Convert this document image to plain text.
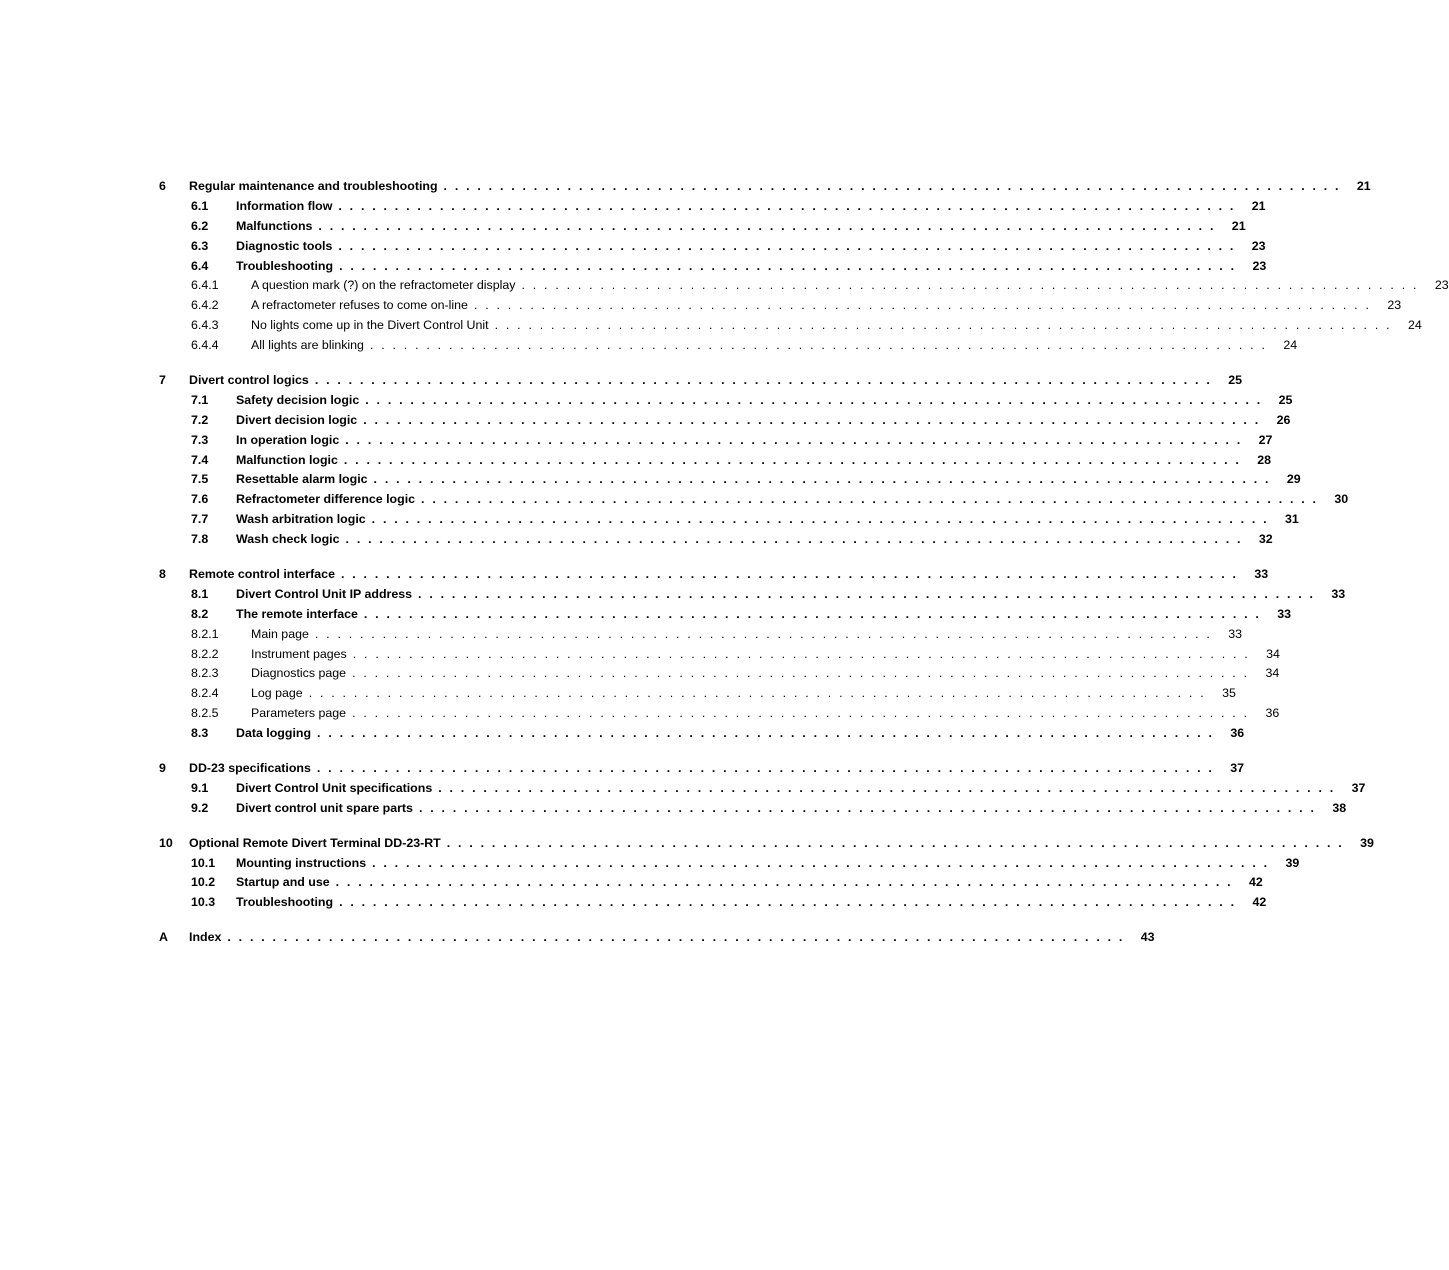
6	Regular maintenance and troubleshooting . . . . . . . . . . . . . . . . . . . . . . . . . . . . . . . . . . . . . . . . . . . . . . . . . . . . . . . . . . . . . . . . . . . . . . . . . . . . . . . . 21
6.1	Information flow . . . . . . . . . . . . . . . . . . . . . . . . . . . . . . . . . . . . . . . . . . . . . . . . . . . . . . . . . . . . . . . . . . . . . . . . . . . . . . . . 21
6.2	Malfunctions . . . . . . . . . . . . . . . . . . . . . . . . . . . . . . . . . . . . . . . . . . . . . . . . . . . . . . . . . . . . . . . . . . . . . . . . . . . . . . . . 21
6.3	Diagnostic tools . . . . . . . . . . . . . . . . . . . . . . . . . . . . . . . . . . . . . . . . . . . . . . . . . . . . . . . . . . . . . . . . . . . . . . . . . . . . . . . . 23
6.4	Troubleshooting . . . . . . . . . . . . . . . . . . . . . . . . . . . . . . . . . . . . . . . . . . . . . . . . . . . . . . . . . . . . . . . . . . . . . . . . . . . . . . . . 23
6.4.1	A question mark (?) on the refractometer display . . . . . . . . . . . . . . . . . . . . . . . . . . . . . . . . . . . . . . . . . . . . . . . . . . . . . . . . . . . . . . . . . . . . . . . . . . . . . . . . 23
6.4.2	A refractometer refuses to come on-line . . . . . . . . . . . . . . . . . . . . . . . . . . . . . . . . . . . . . . . . . . . . . . . . . . . . . . . . . . . . . . . . . . . . . . . . . . . . . . . . 23
6.4.3	No lights come up in the Divert Control Unit . . . . . . . . . . . . . . . . . . . . . . . . . . . . . . . . . . . . . . . . . . . . . . . . . . . . . . . . . . . . . . . . . . . . . . . . . . . . . . . . 24
6.4.4	All lights are blinking . . . . . . . . . . . . . . . . . . . . . . . . . . . . . . . . . . . . . . . . . . . . . . . . . . . . . . . . . . . . . . . . . . . . . . . . . . . . . . . . 24
7	Divert control logics . . . . . . . . . . . . . . . . . . . . . . . . . . . . . . . . . . . . . . . . . . . . . . . . . . . . . . . . . . . . . . . . . . . . . . . . . . . . . . . . 25
7.1	Safety decision logic . . . . . . . . . . . . . . . . . . . . . . . . . . . . . . . . . . . . . . . . . . . . . . . . . . . . . . . . . . . . . . . . . . . . . . . . . . . . . . . . 25
7.2	Divert decision logic . . . . . . . . . . . . . . . . . . . . . . . . . . . . . . . . . . . . . . . . . . . . . . . . . . . . . . . . . . . . . . . . . . . . . . . . . . . . . . . . 26
7.3	In operation logic . . . . . . . . . . . . . . . . . . . . . . . . . . . . . . . . . . . . . . . . . . . . . . . . . . . . . . . . . . . . . . . . . . . . . . . . . . . . . . . . 27
7.4	Malfunction logic . . . . . . . . . . . . . . . . . . . . . . . . . . . . . . . . . . . . . . . . . . . . . . . . . . . . . . . . . . . . . . . . . . . . . . . . . . . . . . . . 28
7.5	Resettable alarm logic . . . . . . . . . . . . . . . . . . . . . . . . . . . . . . . . . . . . . . . . . . . . . . . . . . . . . . . . . . . . . . . . . . . . . . . . . . . . . . . . 29
7.6	Refractometer difference logic . . . . . . . . . . . . . . . . . . . . . . . . . . . . . . . . . . . . . . . . . . . . . . . . . . . . . . . . . . . . . . . . . . . . . . . . . . . . . . . . 30
7.7	Wash arbitration logic . . . . . . . . . . . . . . . . . . . . . . . . . . . . . . . . . . . . . . . . . . . . . . . . . . . . . . . . . . . . . . . . . . . . . . . . . . . . . . . . 31
7.8	Wash check logic . . . . . . . . . . . . . . . . . . . . . . . . . . . . . . . . . . . . . . . . . . . . . . . . . . . . . . . . . . . . . . . . . . . . . . . . . . . . . . . . 32
8	Remote control interface . . . . . . . . . . . . . . . . . . . . . . . . . . . . . . . . . . . . . . . . . . . . . . . . . . . . . . . . . . . . . . . . . . . . . . . . . . . . . . . . 33
8.1	Divert Control Unit IP address . . . . . . . . . . . . . . . . . . . . . . . . . . . . . . . . . . . . . . . . . . . . . . . . . . . . . . . . . . . . . . . . . . . . . . . . . . . . . . . . 33
8.2	The remote interface . . . . . . . . . . . . . . . . . . . . . . . . . . . . . . . . . . . . . . . . . . . . . . . . . . . . . . . . . . . . . . . . . . . . . . . . . . . . . . . . 33
8.2.1	Main page . . . . . . . . . . . . . . . . . . . . . . . . . . . . . . . . . . . . . . . . . . . . . . . . . . . . . . . . . . . . . . . . . . . . . . . . . . . . . . . . 33
8.2.2	Instrument pages . . . . . . . . . . . . . . . . . . . . . . . . . . . . . . . . . . . . . . . . . . . . . . . . . . . . . . . . . . . . . . . . . . . . . . . . . . . . . . . . 34
8.2.3	Diagnostics page . . . . . . . . . . . . . . . . . . . . . . . . . . . . . . . . . . . . . . . . . . . . . . . . . . . . . . . . . . . . . . . . . . . . . . . . . . . . . . . . 34
8.2.4	Log page . . . . . . . . . . . . . . . . . . . . . . . . . . . . . . . . . . . . . . . . . . . . . . . . . . . . . . . . . . . . . . . . . . . . . . . . . . . . . . . . 35
8.2.5	Parameters page . . . . . . . . . . . . . . . . . . . . . . . . . . . . . . . . . . . . . . . . . . . . . . . . . . . . . . . . . . . . . . . . . . . . . . . . . . . . . . . . 36
8.3	Data logging . . . . . . . . . . . . . . . . . . . . . . . . . . . . . . . . . . . . . . . . . . . . . . . . . . . . . . . . . . . . . . . . . . . . . . . . . . . . . . . . 36
9	DD-23 specifications . . . . . . . . . . . . . . . . . . . . . . . . . . . . . . . . . . . . . . . . . . . . . . . . . . . . . . . . . . . . . . . . . . . . . . . . . . . . . . . . 37
9.1	Divert Control Unit specifications . . . . . . . . . . . . . . . . . . . . . . . . . . . . . . . . . . . . . . . . . . . . . . . . . . . . . . . . . . . . . . . . . . . . . . . . . . . . . . . . 37
9.2	Divert control unit spare parts . . . . . . . . . . . . . . . . . . . . . . . . . . . . . . . . . . . . . . . . . . . . . . . . . . . . . . . . . . . . . . . . . . . . . . . . . . . . . . . . 38
10	Optional Remote Divert Terminal DD-23-RT . . . . . . . . . . . . . . . . . . . . . . . . . . . . . . . . . . . . . . . . . . . . . . . . . . . . . . . . . . . . . . . . . . . . . . . . . . . . . . . . 39
10.1	Mounting instructions . . . . . . . . . . . . . . . . . . . . . . . . . . . . . . . . . . . . . . . . . . . . . . . . . . . . . . . . . . . . . . . . . . . . . . . . . . . . . . . . 39
10.2	Startup and use . . . . . . . . . . . . . . . . . . . . . . . . . . . . . . . . . . . . . . . . . . . . . . . . . . . . . . . . . . . . . . . . . . . . . . . . . . . . . . . . 42
10.3	Troubleshooting . . . . . . . . . . . . . . . . . . . . . . . . . . . . . . . . . . . . . . . . . . . . . . . . . . . . . . . . . . . . . . . . . . . . . . . . . . . . . . . . 42
A	Index . . . . . . . . . . . . . . . . . . . . . . . . . . . . . . . . . . . . . . . . . . . . . . . . . . . . . . . . . . . . . . . . . . . . . . . . . . . . . . . . 43
